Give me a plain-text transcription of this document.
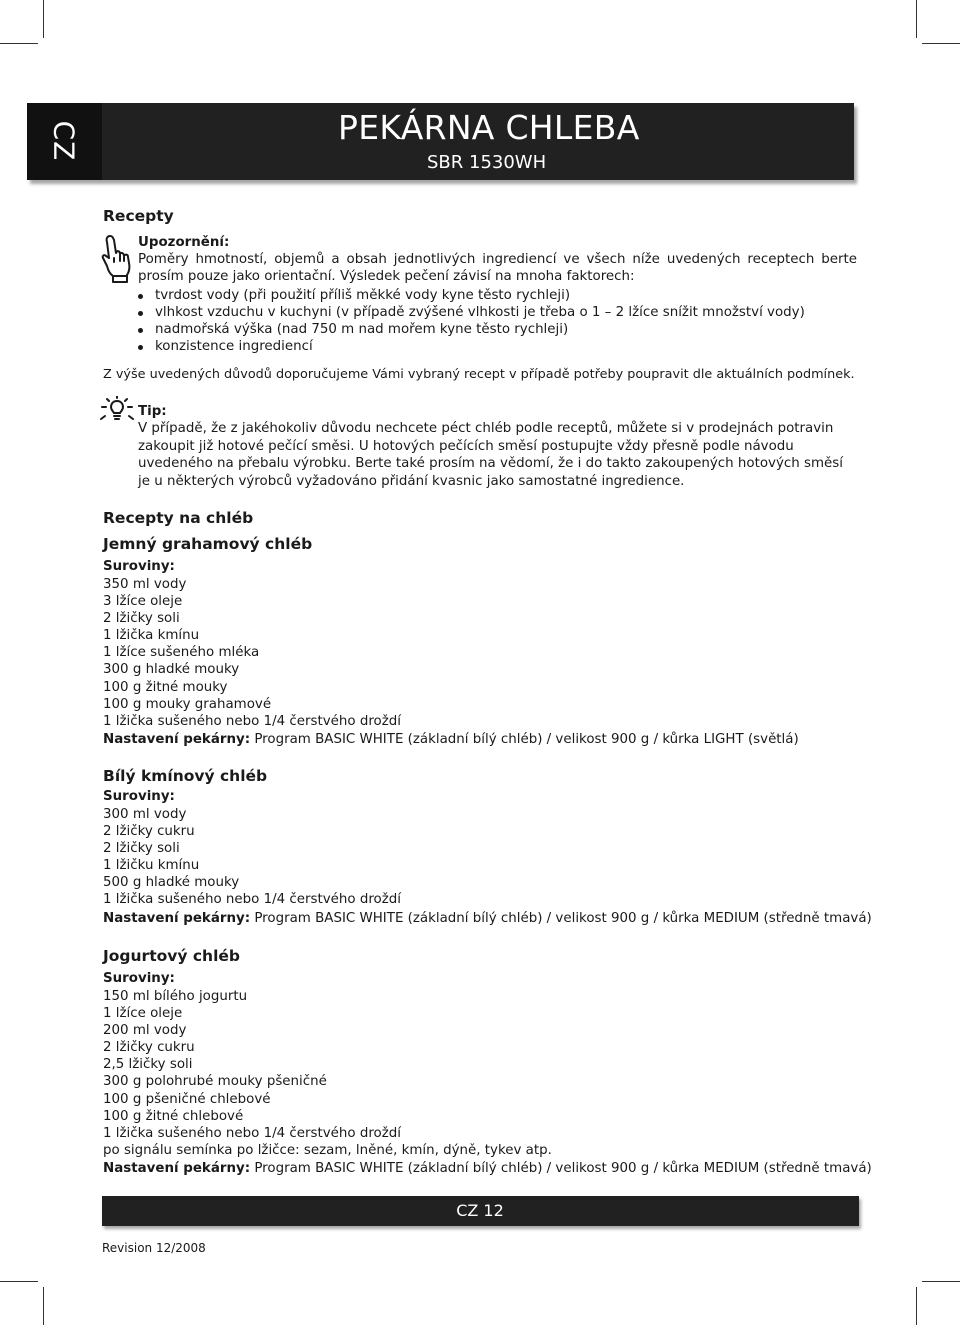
CZ	PEKÁRNA CHLEBA
SBR 1530WH
Recepty
Upozornění:
Poměry hmotností, objemů a obsah jednotlivých ingrediencí ve všech níže uvedených receptech berte
prosím pouze jako orientační. Výsledek pečení závisí na mnoha faktorech:
tvrdost vody (při použití příliš měkké vody kyne těsto rychleji)
vlhkost vzduchu v kuchyni (v případě zvýšené vlhkosti je třeba o 1 – 2 lžíce snížit množství vody)
nadmořská výška (nad 750 m nad mořem kyne těsto rychleji)
konzistence ingrediencí
Z výše uvedených důvodů doporučujeme Vámi vybraný recept v případě potřeby poupravit dle aktuálních podmínek.
Tip:
V případě, že z jakéhokoliv důvodu nechcete péct chléb podle receptů, můžete si v prodejnách potravin
zakoupit již hotové pečící směsi. U hotových pečících směsí postupujte vždy přesně podle návodu
uvedeného na přebalu výrobku. Berte také prosím na vědomí, že i do takto zakoupených hotových směsí
je u některých výrobců vyžadováno přidání kvasnic jako samostatné ingredience.
Recepty na chléb
Jemný grahamový chléb
Suroviny:
350 ml vody
3 lžíce oleje
2 lžičky soli
1 lžička kmínu
1 lžíce sušeného mléka
300 g hladké mouky
100 g žitné mouky
100 g mouky grahamové
1 lžička sušeného nebo 1/4 čerstvého droždí
Nastavení pekárny: Program BASIC WHITE (základní bílý chléb) / velikost 900 g / kůrka LIGHT (světlá)
Bílý kmínový chléb
Suroviny:
300 ml vody
2 lžičky cukru
2 lžičky soli
1 lžičku kmínu
500 g hladké mouky
1 lžička sušeného nebo 1/4 čerstvého droždí
Nastavení pekárny: Program BASIC WHITE (základní bílý chléb) / velikost 900 g / kůrka MEDIUM (středně tmavá)
Jogurtový chléb
Suroviny:
150 ml bílého jogurtu
1 lžíce oleje
200 ml vody
2 lžičky cukru
2,5 lžičky soli
300 g polohrubé mouky pšeničné
100 g pšeničné chlebové
100 g žitné chlebové
1 lžička sušeného nebo 1/4 čerstvého droždí
po signálu semínka po lžičce: sezam, lněné, kmín, dýně, tykev atp.
Nastavení pekárny: Program BASIC WHITE (základní bílý chléb) / velikost 900 g / kůrka MEDIUM (středně tmavá)
CZ 12
Revision 12/2008
